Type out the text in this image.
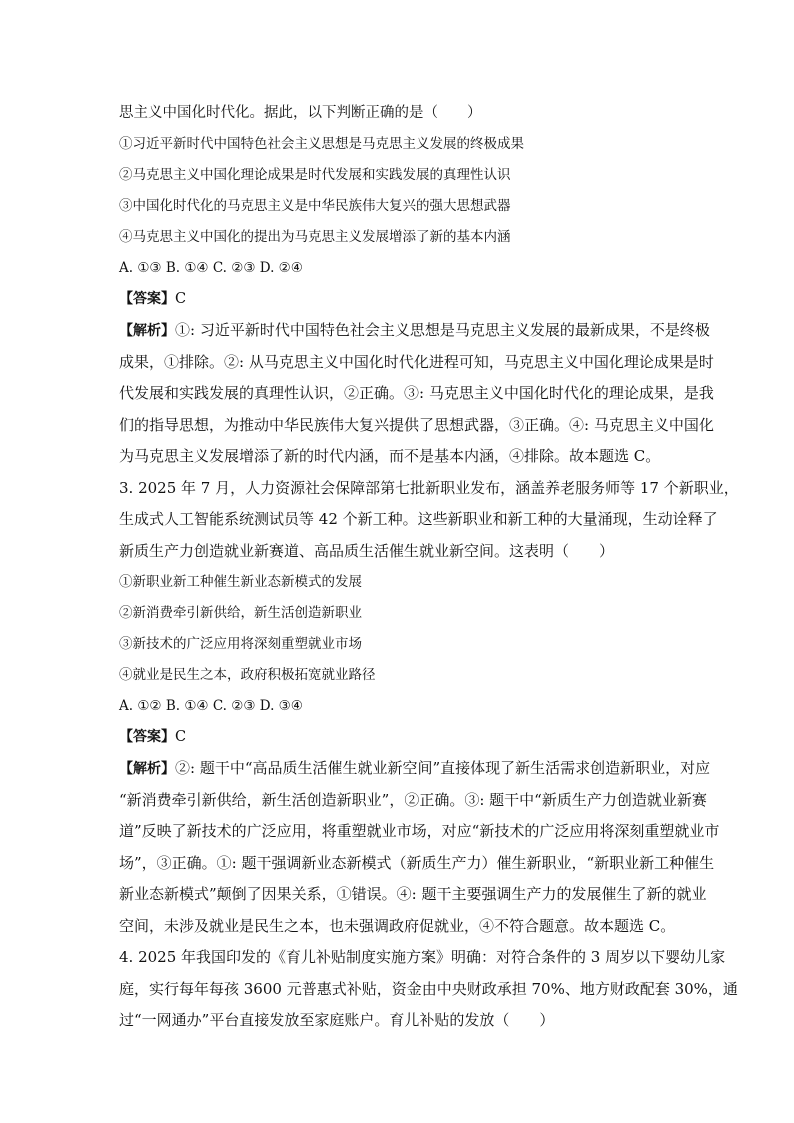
思主义中国化时代化。据此，以下判断正确的是（　　）
①习近平新时代中国特色社会主义思想是马克思主义发展的终极成果
②马克思主义中国化理论成果是时代发展和实践发展的真理性认识
③中国化时代化的马克思主义是中华民族伟大复兴的强大思想武器
④马克思主义中国化的提出为马克思主义发展增添了新的基本内涵
A. ①③ B. ①④ C. ②③ D. ②④
【答案】C
【解析】①: 习近平新时代中国特色社会主义思想是马克思主义发展的最新成果，不是终极
成果，①排除。②: 从马克思主义中国化时代化进程可知，马克思主义中国化理论成果是时
代发展和实践发展的真理性认识，②正确。③: 马克思主义中国化时代化的理论成果，是我
们的指导思想，为推动中华民族伟大复兴提供了思想武器，③正确。④: 马克思主义中国化
为马克思主义发展增添了新的时代内涵，而不是基本内涵，④排除。故本题选 C。
3. 2025 年 7 月，人力资源社会保障部第七批新职业发布，涵盖养老服务师等 17 个新职业，
生成式人工智能系统测试员等 42 个新工种。这些新职业和新工种的大量涌现，生动诠释了
新质生产力创造就业新赛道、高品质生活催生就业新空间。这表明（　　）
①新职业新工种催生新业态新模式的发展
②新消费牵引新供给，新生活创造新职业
③新技术的广泛应用将深刻重塑就业市场
④就业是民生之本，政府积极拓宽就业路径
A. ①② B. ①④ C. ②③ D. ③④
【答案】C
【解析】②: 题干中“高品质生活催生就业新空间”直接体现了新生活需求创造新职业，对应
“新消费牵引新供给，新生活创造新职业”，②正确。③: 题干中“新质生产力创造就业新赛
道”反映了新技术的广泛应用，将重塑就业市场，对应“新技术的广泛应用将深刻重塑就业市
场”，③正确。①: 题干强调新业态新模式（新质生产力）催生新职业，“新职业新工种催生
新业态新模式”颠倒了因果关系，①错误。④: 题干主要强调生产力的发展催生了新的就业
空间，未涉及就业是民生之本，也未强调政府促就业，④不符合题意。故本题选 C。
4. 2025 年我国印发的《育儿补贴制度实施方案》明确：对符合条件的 3 周岁以下婴幼儿家
庭，实行每年每孩 3600 元普惠式补贴，资金由中央财政承担 70%、地方财政配套 30%，通
过“一网通办”平台直接发放至家庭账户。育儿补贴的发放（　　）
